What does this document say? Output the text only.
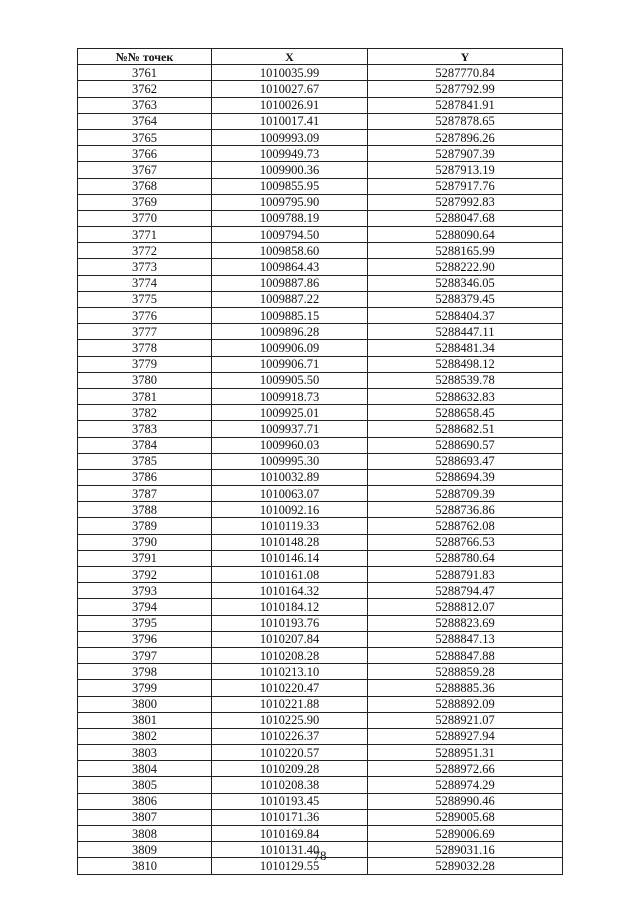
№№ точек	X	Y
3761	1010035.99	5287770.84
3762	1010027.67	5287792.99
3763	1010026.91	5287841.91
3764	1010017.41	5287878.65
3765	1009993.09	5287896.26
3766	1009949.73	5287907.39
3767	1009900.36	5287913.19
3768	1009855.95	5287917.76
3769	1009795.90	5287992.83
3770	1009788.19	5288047.68
3771	1009794.50	5288090.64
3772	1009858.60	5288165.99
3773	1009864.43	5288222.90
3774	1009887.86	5288346.05
3775	1009887.22	5288379.45
3776	1009885.15	5288404.37
3777	1009896.28	5288447.11
3778	1009906.09	5288481.34
3779	1009906.71	5288498.12
3780	1009905.50	5288539.78
3781	1009918.73	5288632.83
3782	1009925.01	5288658.45
3783	1009937.71	5288682.51
3784	1009960.03	5288690.57
3785	1009995.30	5288693.47
3786	1010032.89	5288694.39
3787	1010063.07	5288709.39
3788	1010092.16	5288736.86
3789	1010119.33	5288762.08
3790	1010148.28	5288766.53
3791	1010146.14	5288780.64
3792	1010161.08	5288791.83
3793	1010164.32	5288794.47
3794	1010184.12	5288812.07
3795	1010193.76	5288823.69
3796	1010207.84	5288847.13
3797	1010208.28	5288847.88
3798	1010213.10	5288859.28
3799	1010220.47	5288885.36
3800	1010221.88	5288892.09
3801	1010225.90	5288921.07
3802	1010226.37	5288927.94
3803	1010220.57	5288951.31
3804	1010209.28	5288972.66
3805	1010208.38	5288974.29
3806	1010193.45	5288990.46
3807	1010171.36	5289005.68
3808	1010169.84	5289006.69
3809	1010131.40	5289031.16
3810	1010129.55	5289032.28
78
